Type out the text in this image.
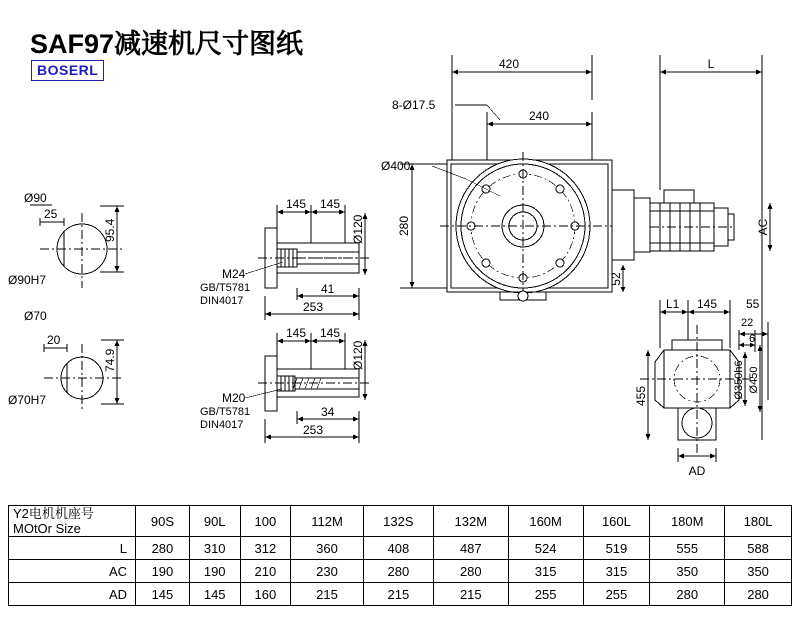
SAF97减速机尺寸图纸
BOSERL
Ø90
Ø90H7
25
95.4
Ø70
Ø70H7
20
74.9
145 145
Ø120
M24
GB/T5781
DIN4017
41
253
145 145
Ø120
M20
GB/T5781
DIN4017
34
253
420	L
8-Ø17.5
240
Ø400
280
52
AC
L1 145 55
22
6
455	Ø350h6 Ø450
AD
Y2电机机座号
MOtOr Size	90S	90L	100	112M	132S	132M	160M	160L	180M	180L
L	280	310	312	360	408	487	524	519	555	588
AC	190	190	210	230	280	280	315	315	350	350
AD	145	145	160	215	215	215	255	255	280	280
